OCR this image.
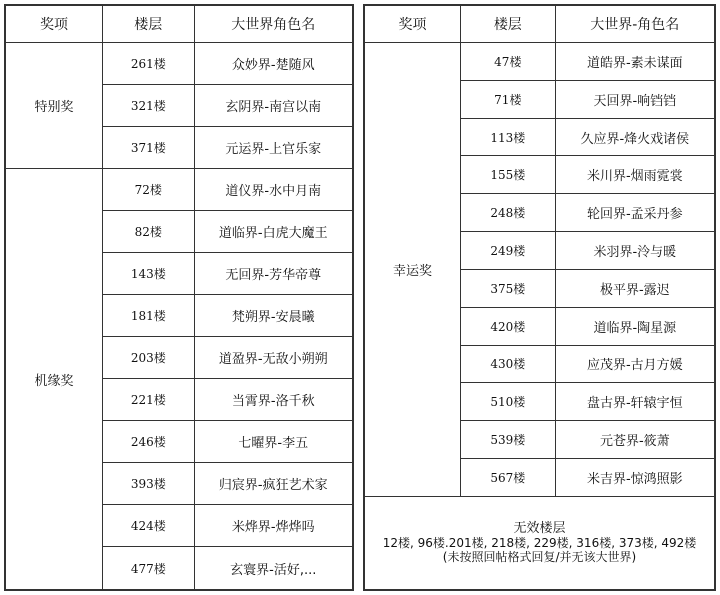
奖项	楼层	大世界角色名
特别奖	261楼	众妙界-楚随风
	321楼	玄阴界-南宫以南
	371楼	元运界-上官乐家
机缘奖	72楼	道仪界-水中月南
	82楼	道临界-白虎大魔王
	143楼	无回界-芳华帝尊
	181楼	梵朔界-安晨曦
	203楼	道盈界-无敌小朔朔
	221楼	当霄界-洛千秋
	246楼	七曜界-李五
	393楼	归宸界-疯狂艺术家
	424楼	米烨界-烨烨吗
	477楼	玄寰界-活好,...
奖项	楼层	大世界-角色名
幸运奖	47楼	道皓界-素未谋面
	71楼	天回界-响铛铛
	113楼	久应界-烽火戏诸侯
	155楼	米川界-烟雨霓裳
	248楼	轮回界-孟采丹参
	249楼	米羽界-泠与暖
	375楼	极平界-露迟
	420楼	道临界-陶星源
	430楼	应茂界-古月方媛
	510楼	盘古界-轩辕宇恒
	539楼	元苍界-筱萧
	567楼	米吉界-惊鸿照影

无效楼层
12楼, 96楼.201楼, 218楼, 229楼, 316楼, 373楼, 492楼
(未按照回帖格式回复/并无该大世界)		
